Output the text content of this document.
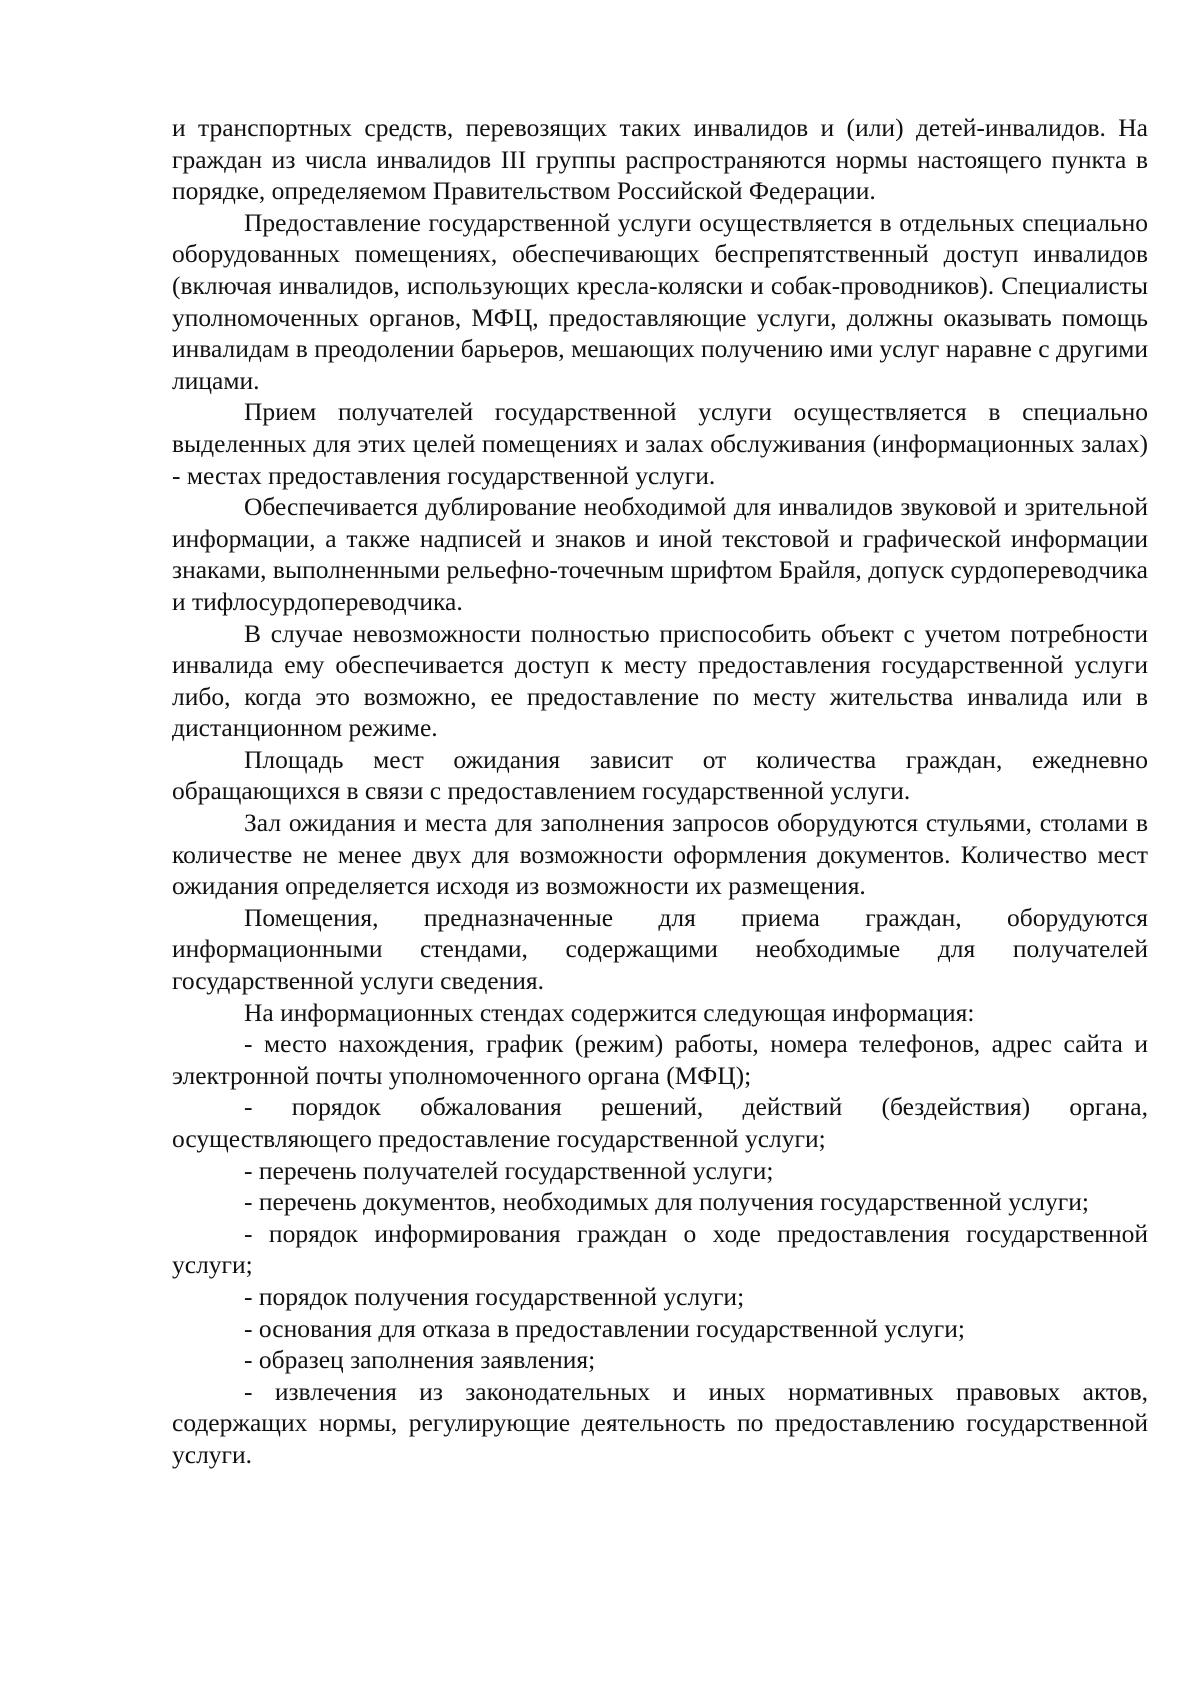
и транспортных средств, перевозящих таких инвалидов и (или) детей-инвалидов. На граждан из числа инвалидов III группы распространяются нормы настоящего пункта в порядке, определяемом Правительством Российской Федерации.

Предоставление государственной услуги осуществляется в отдельных специально оборудованных помещениях, обеспечивающих беспрепятственный доступ инвалидов (включая инвалидов, использующих кресла-коляски и собак-проводников). Специалисты уполномоченных органов, МФЦ, предоставляющие услуги, должны оказывать помощь инвалидам в преодолении барьеров, мешающих получению ими услуг наравне с другими лицами.

Прием получателей государственной услуги осуществляется в специально выделенных для этих целей помещениях и залах обслуживания (информационных залах) - местах предоставления государственной услуги.

Обеспечивается дублирование необходимой для инвалидов звуковой и зрительной информации, а также надписей и знаков и иной текстовой и графической информации знаками, выполненными рельефно-точечным шрифтом Брайля, допуск сурдопереводчика и тифлосурдопереводчика.

В случае невозможности полностью приспособить объект с учетом потребности инвалида ему обеспечивается доступ к месту предоставления государственной услуги либо, когда это возможно, ее предоставление по месту жительства инвалида или в дистанционном режиме.

Площадь мест ожидания зависит от количества граждан, ежедневно обращающихся в связи с предоставлением государственной услуги.

Зал ожидания и места для заполнения запросов оборудуются стульями, столами в количестве не менее двух для возможности оформления документов. Количество мест ожидания определяется исходя из возможности их размещения.

Помещения, предназначенные для приема граждан, оборудуются информационными стендами, содержащими необходимые для получателей государственной услуги сведения.

На информационных стендах содержится следующая информация:

- место нахождения, график (режим) работы, номера телефонов, адрес сайта и электронной почты уполномоченного органа (МФЦ);

- порядок обжалования решений, действий (бездействия) органа, осуществляющего предоставление государственной услуги;

- перечень получателей государственной услуги;

- перечень документов, необходимых для получения государственной услуги;

- порядок информирования граждан о ходе предоставления государственной услуги;

- порядок получения государственной услуги;

- основания для отказа в предоставлении государственной услуги;

- образец заполнения заявления;

- извлечения из законодательных и иных нормативных правовых актов, содержащих нормы, регулирующие деятельность по предоставлению государственной услуги.
